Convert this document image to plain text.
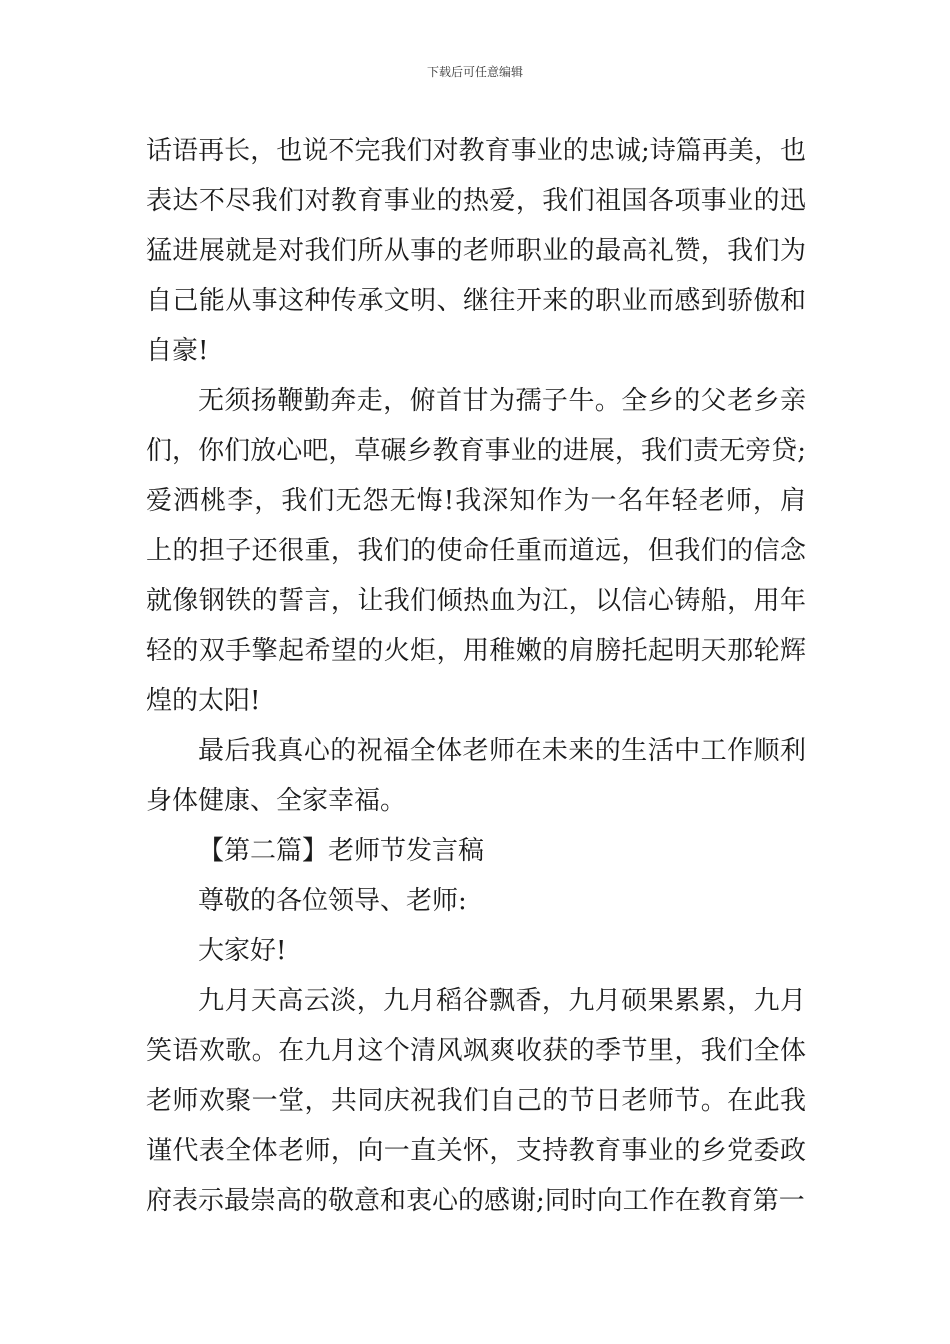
下载后可任意编辑

话语再长，也说不完我们对教育事业的忠诚;诗篇再美，也表达不尽我们对教育事业的热爱，我们祖国各项事业的迅猛进展就是对我们所从事的老师职业的最高礼赞，我们为自己能从事这种传承文明、继往开来的职业而感到骄傲和自豪!

无须扬鞭勤奔走，俯首甘为孺子牛。全乡的父老乡亲们，你们放心吧，草碾乡教育事业的进展，我们责无旁贷;爱洒桃李，我们无怨无悔!我深知作为一名年轻老师，肩上的担子还很重，我们的使命任重而道远，但我们的信念就像钢铁的誓言，让我们倾热血为江，以信心铸船，用年轻的双手擎起希望的火炬，用稚嫩的肩膀托起明天那轮辉煌的太阳!

最后我真心的祝福全体老师在未来的生活中工作顺利身体健康、全家幸福。

【第二篇】老师节发言稿

尊敬的各位领导、老师:

大家好!

九月天高云淡，九月稻谷飘香，九月硕果累累，九月笑语欢歌。在九月这个清风飒爽收获的季节里，我们全体老师欢聚一堂，共同庆祝我们自己的节日老师节。在此我谨代表全体老师，向一直关怀，支持教育事业的乡党委政府表示最崇高的敬意和衷心的感谢;同时向工作在教育第一
